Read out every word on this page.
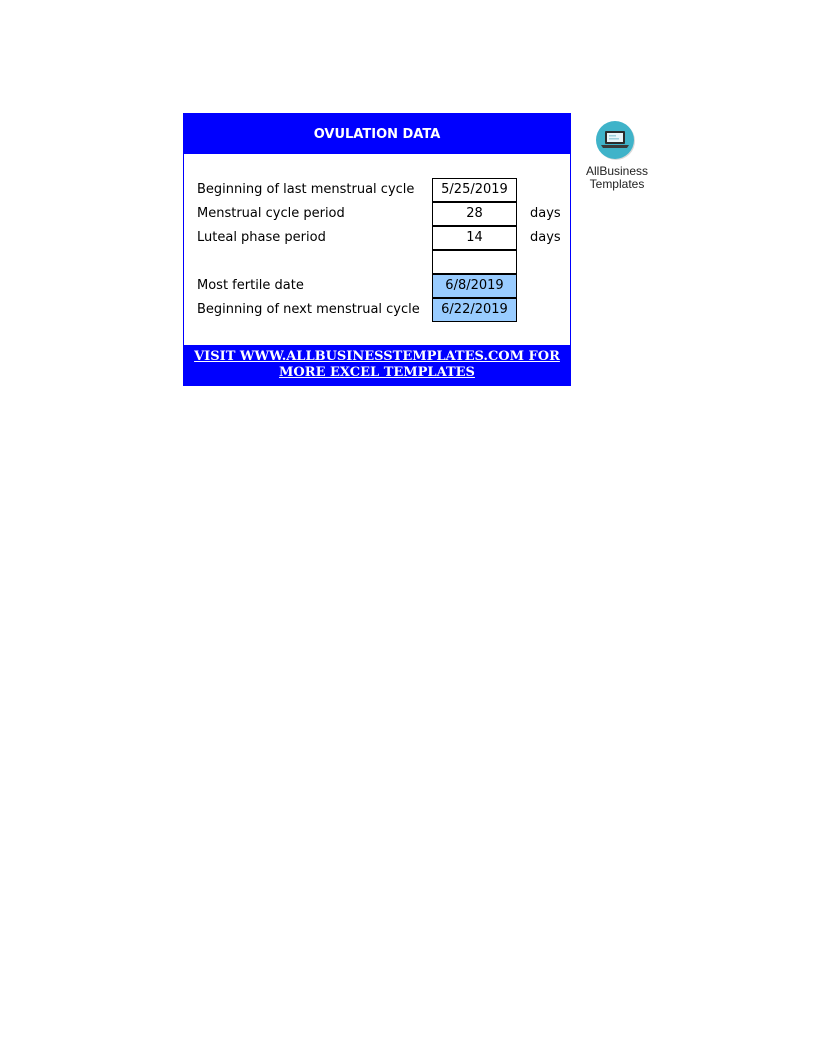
OVULATION DATA
Beginning of last menstrual cycle	5/25/2019
Menstrual cycle period	28	days
Luteal phase period	14	days
Most fertile date	6/8/2019
Beginning of next menstrual cycle	6/22/2019
VISIT WWW.ALLBUSINESSTEMPLATES.COM FOR MORE EXCEL TEMPLATES
AllBusiness
Templates
